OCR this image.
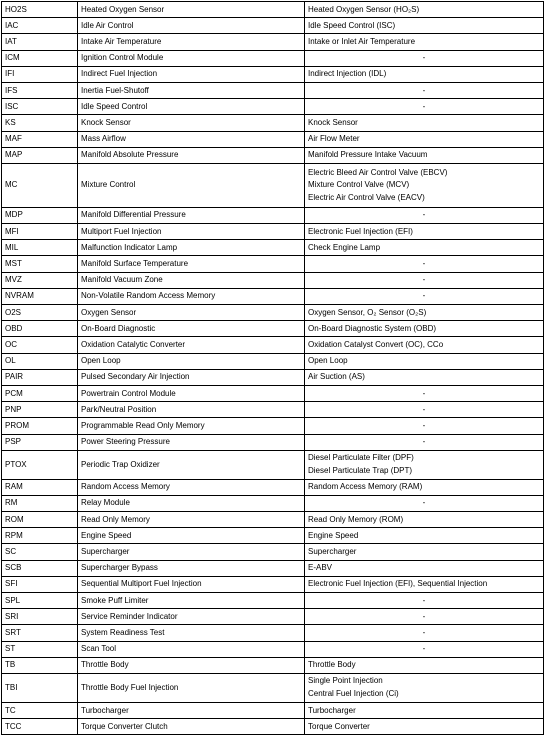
HO2S	Heated Oxygen Sensor	Heated Oxygen Sensor (HO₂S)
IAC	Idle Air Control	Idle Speed Control (ISC)
IAT	Intake Air Temperature	Intake or Inlet Air Temperature
ICM	Ignition Control Module	-
IFI	Indirect Fuel Injection	Indirect Injection (IDL)
IFS	Inertia Fuel-Shutoff	-
ISC	Idle Speed Control	-
KS	Knock Sensor	Knock Sensor
MAF	Mass Airflow	Air Flow Meter
MAP	Manifold Absolute Pressure	Manifold Pressure Intake Vacuum
MC	Mixture Control	Electric Bleed Air Control Valve (EBCV)
Mixture Control Valve (MCV)
Electric Air Control Valve (EACV)

MDP	Manifold Differential Pressure	-
MFI	Multiport Fuel Injection	Electronic Fuel Injection (EFI)
MIL	Malfunction Indicator Lamp	Check Engine Lamp
MST	Manifold Surface Temperature	-
MVZ	Manifold Vacuum Zone	-
NVRAM	Non-Volatile Random Access Memory	-
O2S	Oxygen Sensor	Oxygen Sensor, O₂ Sensor (O₂S)
OBD	On-Board Diagnostic	On-Board Diagnostic System (OBD)
OC	Oxidation Catalytic Converter	Oxidation Catalyst Convert (OC), CCo
OL	Open Loop	Open Loop
PAIR	Pulsed Secondary Air Injection	Air Suction (AS)
PCM	Powertrain Control Module	-
PNP	Park/Neutral Position	-
PROM	Programmable Read Only Memory	-
PSP	Power Steering Pressure	-
PTOX	Periodic Trap Oxidizer	Diesel Particulate Filter (DPF)
Diesel Particulate Trap (DPT)

RAM	Random Access Memory	Random Access Memory (RAM)
RM	Relay Module	-
ROM	Read Only Memory	Read Only Memory (ROM)
RPM	Engine Speed	Engine Speed
SC	Supercharger	Supercharger
SCB	Supercharger Bypass	E-ABV
SFI	Sequential Multiport Fuel Injection	Electronic Fuel Injection (EFI), Sequential Injection
SPL	Smoke Puff Limiter	-
SRI	Service Reminder Indicator	-
SRT	System Readiness Test	-
ST	Scan Tool	-
TB	Throttle Body	Throttle Body
TBI	Throttle Body Fuel Injection	Single Point Injection
Central Fuel Injection (Ci)

TC	Turbocharger	Turbocharger
TCC	Torque Converter Clutch	Torque Converter
